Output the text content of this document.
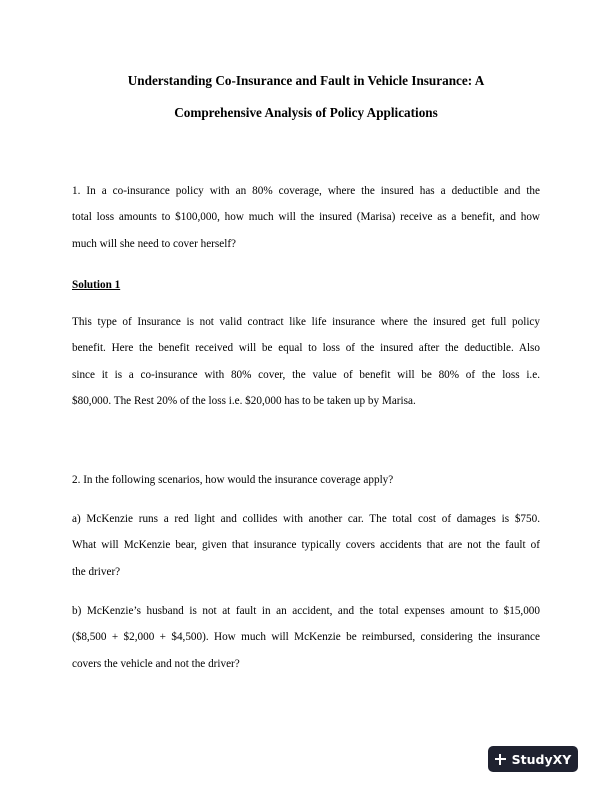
Understanding Co-Insurance and Fault in Vehicle Insurance: A
Comprehensive Analysis of Policy Applications

1. In a co-insurance policy with an 80% coverage, where the insured has a deductible and the
total loss amounts to $100,000, how much will the insured (Marisa) receive as a benefit, and how
much will she need to cover herself?

Solution 1

This type of Insurance is not valid contract like life insurance where the insured get full policy
benefit. Here the benefit received will be equal to loss of the insured after the deductible. Also
since it is a co-insurance with 80% cover, the value of benefit will be 80% of the loss i.e.
$80,000. The Rest 20% of the loss i.e. $20,000 has to be taken up by Marisa.

2. In the following scenarios, how would the insurance coverage apply?

a) McKenzie runs a red light and collides with another car. The total cost of damages is $750.
What will McKenzie bear, given that insurance typically covers accidents that are not the fault of
the driver?

b) McKenzie’s husband is not at fault in an accident, and the total expenses amount to $15,000
($8,500 + $2,000 + $4,500). How much will McKenzie be reimbursed, considering the insurance
covers the vehicle and not the driver?

StudyXY
